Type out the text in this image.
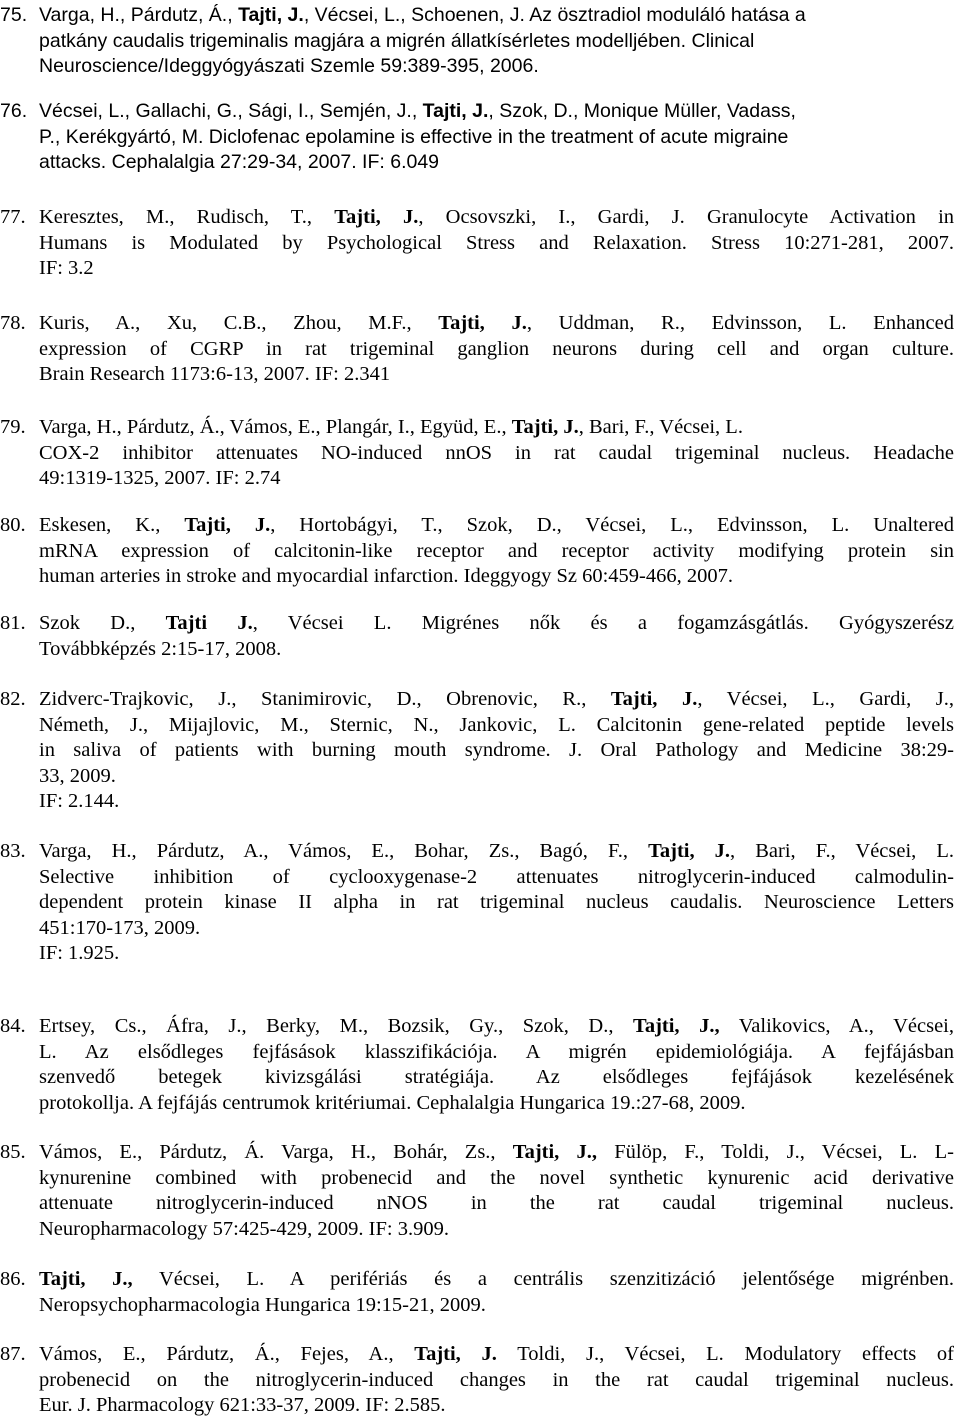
75. Varga, H., Párdutz, Á., Tajti, J., Vécsei, L., Schoenen, J. Az ösztradiol moduláló hatása a
patkány caudalis trigeminalis magjára a migrén állatkísérletes modelljében. Clinical
Neuroscience/Ideggyógyászati Szemle 59:389-395, 2006.
76. Vécsei, L., Gallachi, G., Sági, I., Semjén, J., Tajti, J., Szok, D., Monique Müller, Vadass,
P., Kerékgyártó, M. Diclofenac epolamine is effective in the treatment of acute migraine
attacks. Cephalalgia 27:29-34, 2007. IF: 6.049
77. Keresztes, M., Rudisch, T., Tajti, J., Ocsovszki, I., Gardi, J. Granulocyte Activation in
Humans is Modulated by Psychological Stress and Relaxation. Stress 10:271-281, 2007.
IF: 3.2
78. Kuris, A., Xu, C.B., Zhou, M.F., Tajti, J., Uddman, R., Edvinsson, L. Enhanced
expression of CGRP in rat trigeminal ganglion neurons during cell and organ culture.
Brain Research 1173:6-13, 2007. IF: 2.341
79. Varga, H., Párdutz, Á., Vámos, E., Plangár, I., Együd, E., Tajti, J., Bari, F., Vécsei, L.
COX-2 inhibitor attenuates NO-induced nnOS in rat caudal trigeminal nucleus. Headache
49:1319-1325, 2007. IF: 2.74
80. Eskesen, K., Tajti, J., Hortobágyi, T., Szok, D., Vécsei, L., Edvinsson, L. Unaltered
mRNA expression of calcitonin-like receptor and receptor activity modifying protein sin
human arteries in stroke and myocardial infarction. Ideggyogy Sz 60:459-466, 2007.
81. Szok D., Tajti J., Vécsei L. Migrénes nők és a fogamzásgátlás. Gyógyszerész
Továbbképzés 2:15-17, 2008.
82. Zidverc-Trajkovic, J., Stanimirovic, D., Obrenovic, R., Tajti, J., Vécsei, L., Gardi, J.,
Németh, J., Mijajlovic, M., Sternic, N., Jankovic, L. Calcitonin gene-related peptide levels
in saliva of patients with burning mouth syndrome. J. Oral Pathology and Medicine 38:29-
33, 2009.
IF: 2.144.
83. Varga, H., Párdutz, A., Vámos, E., Bohar, Zs., Bagó, F., Tajti, J., Bari, F., Vécsei, L.
Selective inhibition of cyclooxygenase-2 attenuates nitroglycerin-induced calmodulin-
dependent protein kinase II alpha in rat trigeminal nucleus caudalis. Neuroscience Letters
451:170-173, 2009.
IF: 1.925.
84. Ertsey, Cs., Áfra, J., Berky, M., Bozsik, Gy., Szok, D., Tajti, J., Valikovics, A., Vécsei,
L. Az elsődleges fejfásások klasszifikációja. A migrén epidemiológiája. A fejfájásban
szenvedő betegek kivizsgálási stratégiája. Az elsődleges fejfájások kezelésének
protokollja. A fejfájás centrumok kritériumai. Cephalalgia Hungarica 19.:27-68, 2009.
85. Vámos, E., Párdutz, Á. Varga, H., Bohár, Zs., Tajti, J., Fülöp, F., Toldi, J., Vécsei, L. L-
kynurenine combined with probenecid and the novel synthetic kynurenic acid derivative
attenuate nitroglycerin-induced nNOS in the rat caudal trigeminal nucleus.
Neuropharmacology 57:425-429, 2009. IF: 3.909.
86. Tajti, J., Vécsei, L. A perifériás és a centrális szenzitizáció jelentősége migrénben.
Neropsychopharmacologia Hungarica 19:15-21, 2009.
87. Vámos, E., Párdutz, Á., Fejes, A., Tajti, J. Toldi, J., Vécsei, L. Modulatory effects of
probenecid on the nitroglycerin-induced changes in the rat caudal trigeminal nucleus.
Eur. J. Pharmacology 621:33-37, 2009. IF: 2.585.
